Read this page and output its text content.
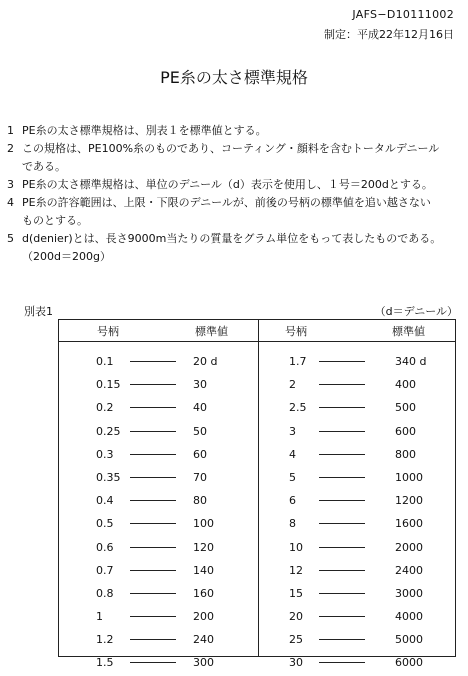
JAFS−D10111002
制定：平成22年12月16日
PE糸の太さ標準規格
1 PE糸の太さ標準規格は、別表１を標準値とする。
2 この規格は、PE100%糸のものであり、コーティング・顔料を含むトータルデニール
である。
3 PE糸の太さ標準規格は、単位のデニール（d）表示を使用し、１号＝200dとする。
4 PE糸の許容範囲は、上限・下限のデニールが、前後の号柄の標準値を追い越さない
ものとする。
5 d(denier)とは、長さ9000m当たりの質量をグラム単位をもって表したものである。
（200d＝200g）
別表1	（d＝デニール）
号柄	標準値	号柄	標準値
0.1	20 d	1.7	340 d
0.15	30	2	400
0.2	40	2.5	500
0.25	50	3	600
0.3	60	4	800
0.35	70	5	1000
0.4	80	6	1200
0.5	100	8	1600
0.6	120	10	2000
0.7	140	12	2400
0.8	160	15	3000
1	200	20	4000
1.2	240	25	5000
1.5	300	30	6000
